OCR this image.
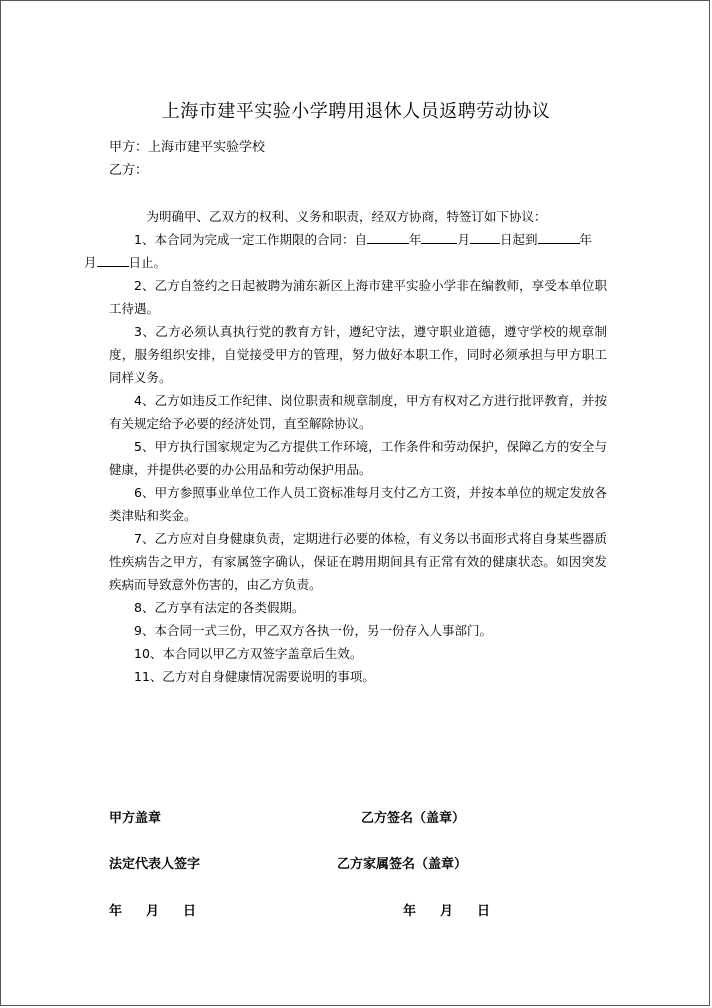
上海市建平实验小学聘用退休人员返聘劳动协议
甲方：上海市建平实验学校
乙方：

为明确甲、乙双方的权利、义务和职责，经双方协商，特签订如下协议：

1、本合同为完成一定工作期限的合同：自	年	月 日起到	年
月	日止。

2、乙方自签约之日起被聘为浦东新区上海市建平实验小学非在编教师，享受本单位职工待遇。

3、乙方必须认真执行党的教育方针，遵纪守法，遵守职业道德，遵守学校的规章制度，服务组织安排，自觉接受甲方的管理，努力做好本职工作，同时必须承担与甲方职工同样义务。

4、乙方如违反工作纪律、岗位职责和规章制度，甲方有权对乙方进行批评教育，并按有关规定给予必要的经济处罚，直至解除协议。

5、甲方执行国家规定为乙方提供工作环境，工作条件和劳动保护，保障乙方的安全与健康，并提供必要的办公用品和劳动保护用品。

6、甲方参照事业单位工作人员工资标准每月支付乙方工资，并按本单位的规定发放各类津贴和奖金。

7、乙方应对自身健康负责，定期进行必要的体检，有义务以书面形式将自身某些器质性疾病告之甲方，有家属签字确认，保证在聘用期间具有正常有效的健康状态。如因突发疾病而导致意外伤害的，由乙方负责。

8、乙方享有法定的各类假期。

9、本合同一式三份，甲乙双方各执一份，另一份存入人事部门。

10、本合同以甲乙方双签字盖章后生效。

11、乙方对自身健康情况需要说明的事项。

甲方盖章	乙方签名（盖章）
法定代表人签字	乙方家属签名（盖章）
年 月 日	年 月 日
